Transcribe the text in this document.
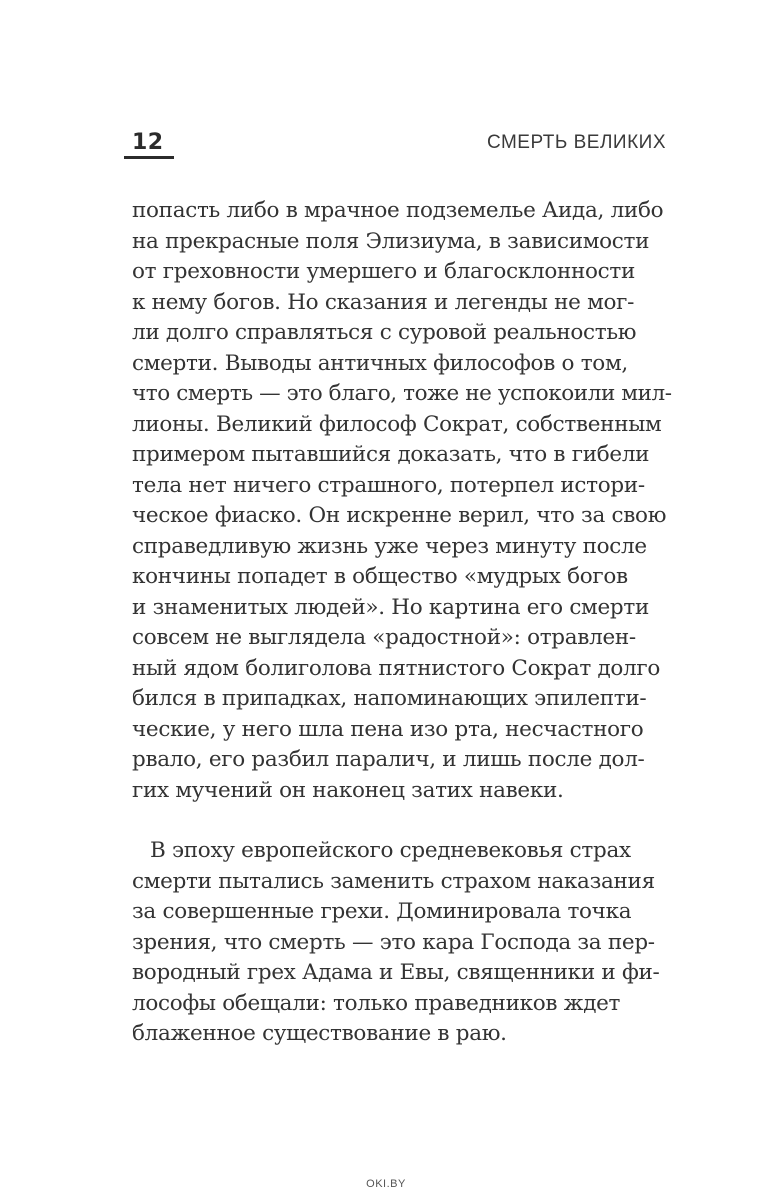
12	СМЕРТЬ ВЕЛИКИХ
попасть либо в мрачное подземелье Аида, либо
на прекрасные поля Элизиума, в зависимости
от греховности умершего и благосклонности
к нему богов. Но сказания и легенды не мог-
ли долго справляться с суровой реальностью
смерти. Выводы античных философов о том,
что смерть — это благо, тоже не успокоили мил-
лионы. Великий философ Сократ, собственным
примером пытавшийся доказать, что в гибели
тела нет ничего страшного, потерпел истори-
ческое фиаско. Он искренне верил, что за свою
справедливую жизнь уже через минуту после
кончины попадет в общество «мудрых богов
и знаменитых людей». Но картина его смерти
совсем не выглядела «радостной»: отравлен-
ный ядом болиголова пятнистого Сократ долго
бился в припадках, напоминающих эпилепти-
ческие, у него шла пена изо рта, несчастного
рвало, его разбил паралич, и лишь после дол-
гих мучений он наконец затих навеки.
В эпоху европейского средневековья страх
смерти пытались заменить страхом наказания
за совершенные грехи. Доминировала точка
зрения, что смерть — это кара Господа за пер-
вородный грех Адама и Евы, священники и фи-
лософы обещали: только праведников ждет
блаженное существование в раю.
OKI.BY
